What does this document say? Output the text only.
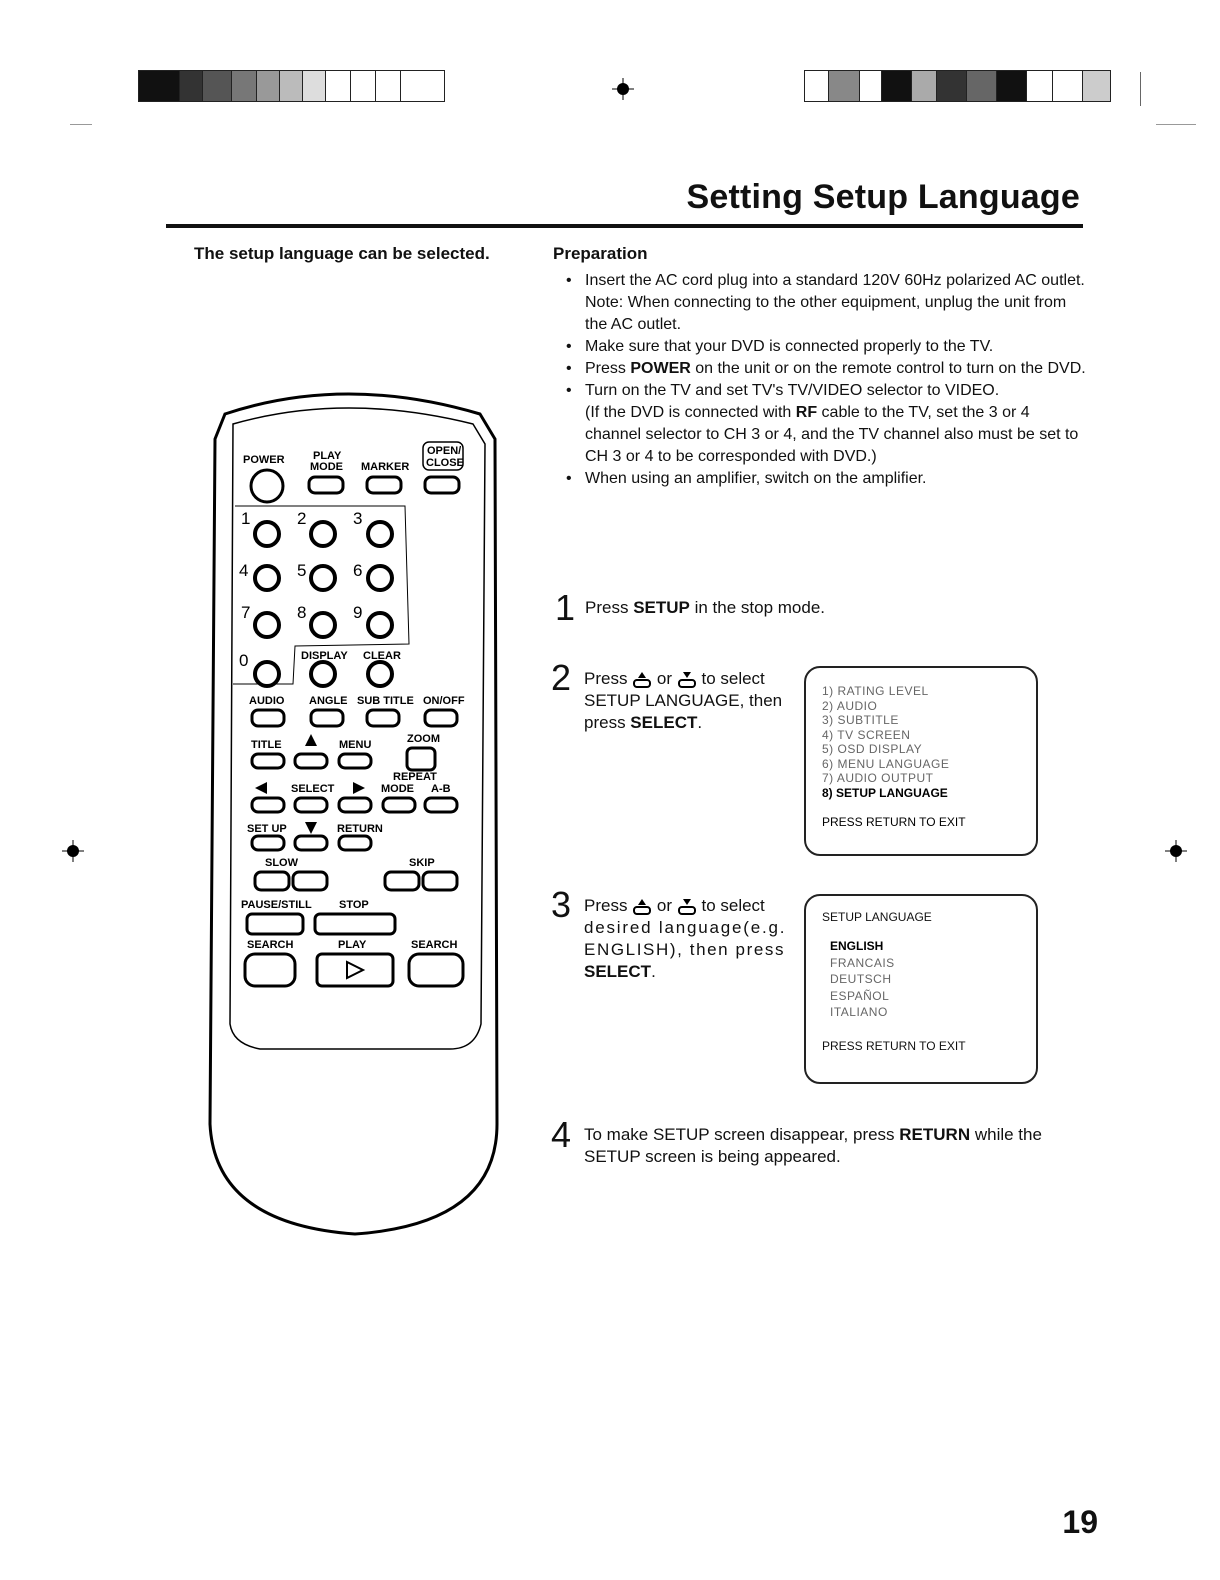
Setting Setup Language
The setup language can be selected.	Preparation
• Insert the AC cord plug into a standard 120V 60Hz polarized AC outlet.
Note: When connecting to the other equipment, unplug the unit from the AC outlet.
• Make sure that your DVD is connected properly to the TV.
• Press POWER on the unit or on the remote control to turn on the DVD.
• Turn on the TV and set TV's TV/VIDEO selector to VIDEO.
(If the DVD is connected with RF cable to the TV, set the 3 or 4 channel selector to CH 3 or 4, and the TV channel also must be set to CH 3 or 4 to be corresponded with DVD.)
• When using an amplifier, switch on the amplifier.
1 Press SETUP in the stop mode.
2 Press  or  to select
SETUP LANGUAGE, then
press SELECT.
1) RATING LEVEL
2) AUDIO
3) SUBTITLE
4) TV SCREEN
5) OSD DISPLAY
6) MENU LANGUAGE
7) AUDIO OUTPUT
8) SETUP LANGUAGE
PRESS RETURN TO EXIT
3 Press  or  to select
desired language(e.g.
ENGLISH), then press
SELECT.
SETUP LANGUAGE
ENGLISH
FRANCAIS
DEUTSCH
ESPAÑOL
ITALIANO
PRESS RETURN TO EXIT
4 To make SETUP screen disappear, press RETURN while the
SETUP screen is being appeared.
POWER	PLAY
MODE MARKER
OPEN/
CLOSE
1	2	3
4	5	6
7	8	9
0	DISPLAY CLEAR
AUDIO ANGLE SUB TITLE ON/OFF
TITLE	MENU	ZOOM
SELECT
REPEAT
MODE A-B
SET UP	RETURN
SLOW	SKIP
PAUSE/STILL STOP
SEARCH	PLAY	SEARCH
19
